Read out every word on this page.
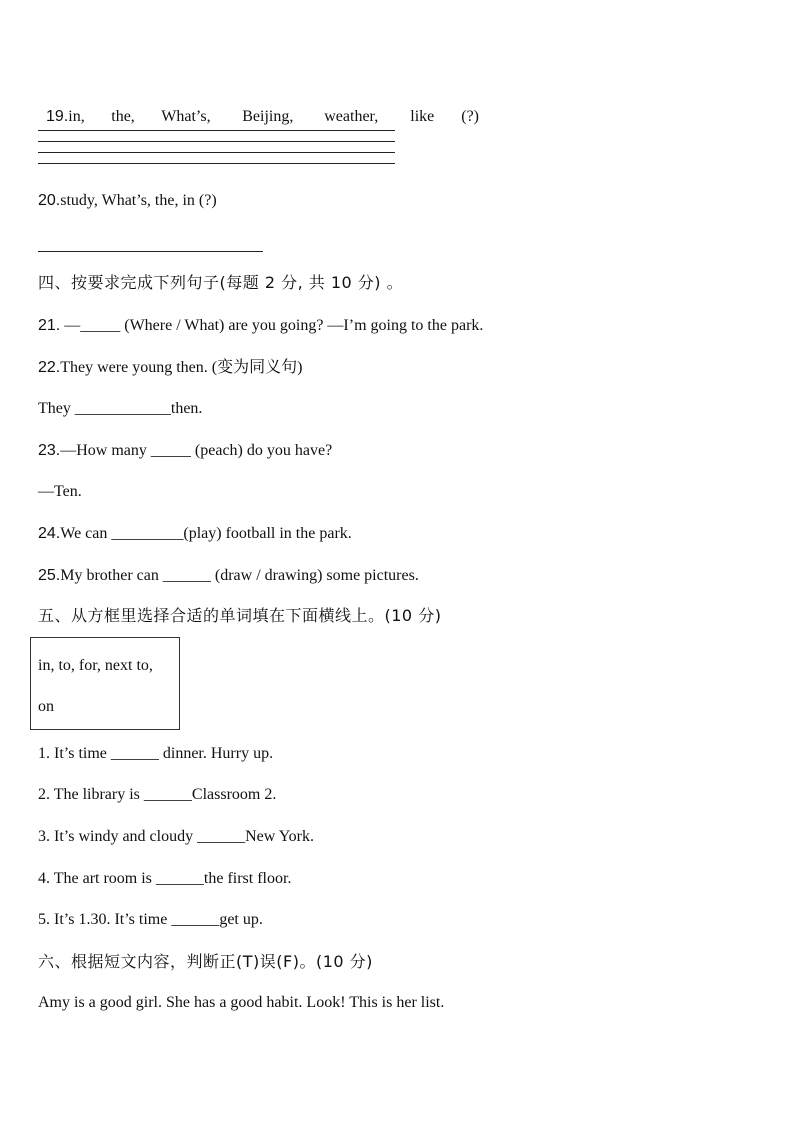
19.in, the, What’s, Beijing, weather, like (?)

20.study, What’s, the, in (?)
四、按要求完成下列句子(每题 2 分, 共 10 分) 。
21. —_____ (Where / What) are you going? —I’m going to the park.
22.They were young then. (变为同义句)
They ____________then.
23.—How many _____ (peach) do you have?
—Ten.
24.We can _________(play) football in the park.
25.My brother can ______ (draw / drawing) some pictures.
五、从方框里选择合适的单词填在下面横线上。(10 分)
in, to, for, next to,
on
1. It’s time ______ dinner. Hurry up.
2. The library is ______Classroom 2.
3. It’s windy and cloudy ______New York.
4. The art room is ______the first floor.
5. It’s 1.30. It’s time ______get up.
六、根据短文内容，判断正(T)误(F)。(10 分)
Amy is a good girl. She has a good habit. Look! This is her list.
